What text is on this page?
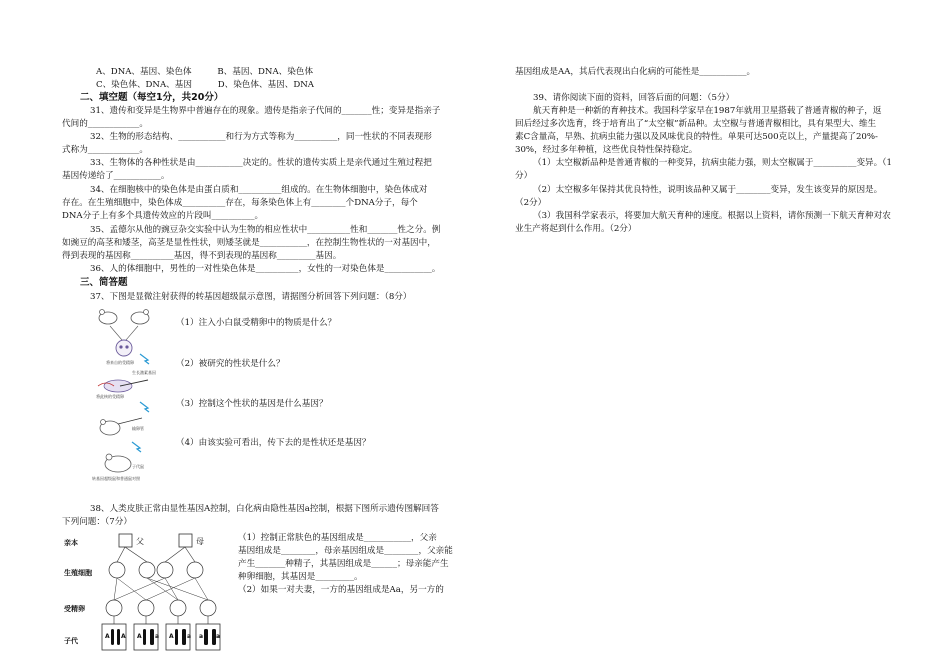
A、DNA、基因、染色体　　　B、基因、DNA、染色体
C、染色体、DNA、基因　　　D、染色体、基因、DNA
二、填空题（每空1分，共20分）
31、遗传和变异是生物界中普遍存在的现象。遗传是指亲子代间的_______性；变异是指亲子
代间的____________。
32、生物的形态结构、___________和行为方式等称为__________，同一性状的不同表现形
式称为____________。
33、生物体的各种性状是由___________决定的。性状的遗传实质上是亲代通过生殖过程把
基因传递给了___________。
34、在细胞核中的染色体是由蛋白质和__________组成的。在生物体细胞中，染色体成对
存在。在生殖细胞中，染色体成__________存在，每条染色体上有________个DNA分子，每个
DNA分子上有多个具遗传效应的片段叫__________。
35、孟德尔从他的豌豆杂交实验中认为生物的相应性状中__________性和_______性之分。例
如豌豆的高茎和矮茎，高茎是显性性状，则矮茎就是___________，在控制生物性状的一对基因中，
得到表现的基因称__________基因，得不到表现的基因称_________基因。
36、人的体细胞中，男性的一对性染色体是__________，女性的一对染色体是___________。
三、简答题
37、下图是显微注射获得的转基因超级鼠示意图，请据图分析回答下列问题：（8分）
将来自的受精卵
生长激素基因
将此核的受精卵
输卵管
子代鼠
转基因超级鼠和普通鼠对照
（1）注入小白鼠受精卵中的物质是什么？
（2）被研究的性状是什么？
（3）控制这个性状的基因是什么基因？
（4）由该实验可看出，传下去的是性状还是基因？
38、人类皮肤正常由显性基因A控制，白化病由隐性基因a控制，根据下图所示遗传图解回答
下列问题：（7分）
亲本
生殖细胞
受精卵
子代
父	母
A A A a A a a a
（1）控制正常肤色的基因组成是___________，父亲
基因组成是________，母亲基因组成是________，父亲能
产生_______种精子，其基因组成是______；母亲能产生
种卵细胞，其基因是_________。
（2）如果一对夫妻，一方的基因组成是Aa，另一方的
基因组成是AA，其后代表现出白化病的可能性是___________。
39、请你阅读下面的资料，回答后面的问题：（5分）
航天育种是一种新的育种技术。我国科学家早在1987年就用卫星搭载了普通青椒的种子，返
回后经过多次选育，终于培育出了“太空椒”新品种。太空椒与普通青椒相比，具有果型大、维生
素C含量高，早熟、抗病虫能力强以及风味优良的特性。单果可达500克以上，产量提高了20%-
30%，经过多年种植，这些优良特性保持稳定。
（1）太空椒新品种是普通青椒的一种变异，抗病虫能力强，则太空椒属于__________变异。（1
分）
（2）太空椒多年保持其优良特性，说明该品种又属于________变异，发生该变异的原因是。
（2分）
（3）我国科学家表示，将要加大航天育种的速度。根据以上资料，请你预测一下航天育种对农
业生产将起到什么作用。（2分）
